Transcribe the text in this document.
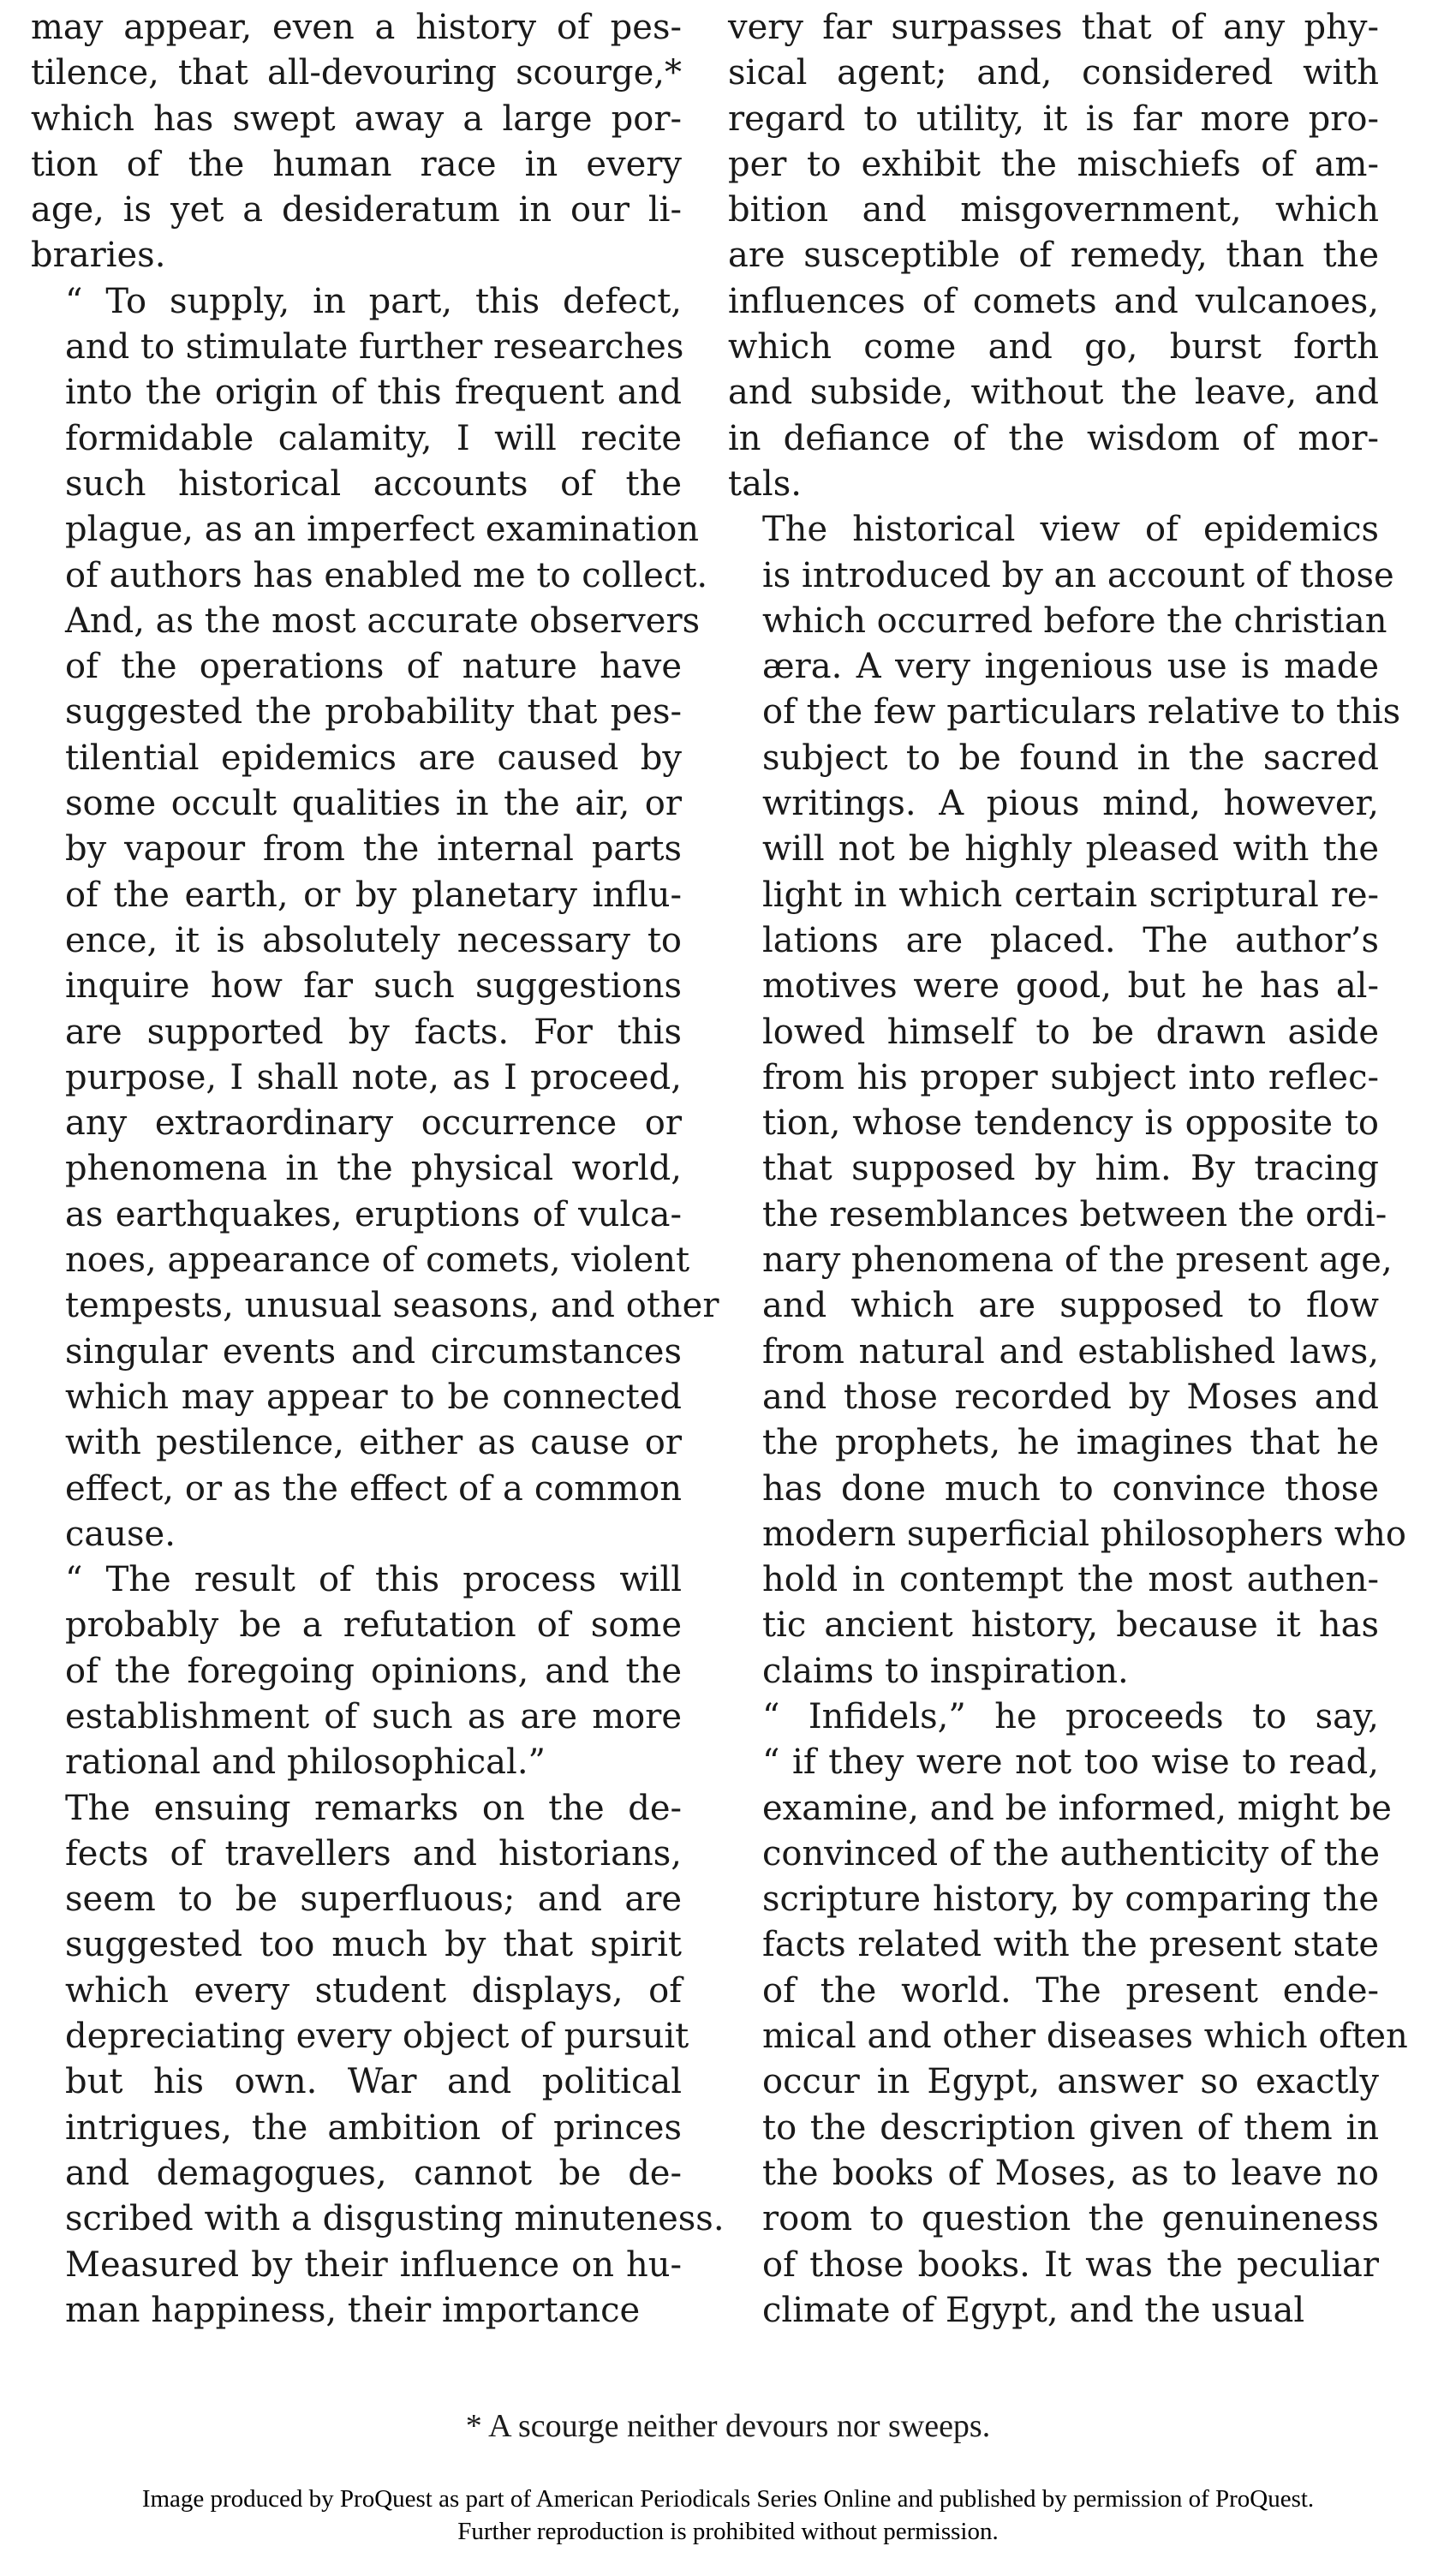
may appear, even a history of pes-
tilence, that all-devouring scourge,*
which has swept away a large por-
tion of the human race in every
age, is yet a desideratum in our li-
braries.

“ To supply, in part, this defect,
and to stimulate further researches
into the origin of this frequent and
formidable calamity, I will recite
such historical accounts of the
plague, as an imperfect examination
of authors has enabled me to collect.
And, as the most accurate observers
of the operations of nature have
suggested the probability that pes-
tilential epidemics are caused by
some occult qualities in the air, or
by vapour from the internal parts
of the earth, or by planetary influ-
ence, it is absolutely necessary to
inquire how far such suggestions
are supported by facts. For this
purpose, I shall note, as I proceed,
any extraordinary occurrence or
phenomena in the physical world,
as earthquakes, eruptions of vulca-
noes, appearance of comets, violent
tempests, unusual seasons, and other
singular events and circumstances
which may appear to be connected
with pestilence, either as cause or
effect, or as the effect of a common
cause.

“ The result of this process will
probably be a refutation of some
of the foregoing opinions, and the
establishment of such as are more
rational and philosophical.”

The ensuing remarks on the de-
fects of travellers and historians,
seem to be superfluous; and are
suggested too much by that spirit
which every student displays, of
depreciating every object of pursuit
but his own. War and political
intrigues, the ambition of princes
and demagogues, cannot be de-
scribed with a disgusting minuteness.
Measured by their influence on hu-
man happiness, their importance

very far surpasses that of any phy-
sical agent; and, considered with
regard to utility, it is far more pro-
per to exhibit the mischiefs of am-
bition and misgovernment, which
are susceptible of remedy, than the
influences of comets and vulcanoes,
which come and go, burst forth
and subside, without the leave, and
in defiance of the wisdom of mor-
tals.

The historical view of epidemics
is introduced by an account of those
which occurred before the christian
æra. A very ingenious use is made
of the few particulars relative to this
subject to be found in the sacred
writings. A pious mind, however,
will not be highly pleased with the
light in which certain scriptural re-
lations are placed. The author’s
motives were good, but he has al-
lowed himself to be drawn aside
from his proper subject into reflec-
tion, whose tendency is opposite to
that supposed by him. By tracing
the resemblances between the ordi-
nary phenomena of the present age,
and which are supposed to flow
from natural and established laws,
and those recorded by Moses and
the prophets, he imagines that he
has done much to convince those
modern superficial philosophers who
hold in contempt the most authen-
tic ancient history, because it has
claims to inspiration.

“ Infidels,” he proceeds to say,
“ if they were not too wise to read,
examine, and be informed, might be
convinced of the authenticity of the
scripture history, by comparing the
facts related with the present state
of the world. The present ende-
mical and other diseases which often
occur in Egypt, answer so exactly
to the description given of them in
the books of Moses, as to leave no
room to question the genuineness
of those books. It was the peculiar
climate of Egypt, and the usual

* A scourge neither devours nor sweeps.
Image produced by ProQuest as part of American Periodicals Series Online and published by permission of ProQuest.
Further reproduction is prohibited without permission.
